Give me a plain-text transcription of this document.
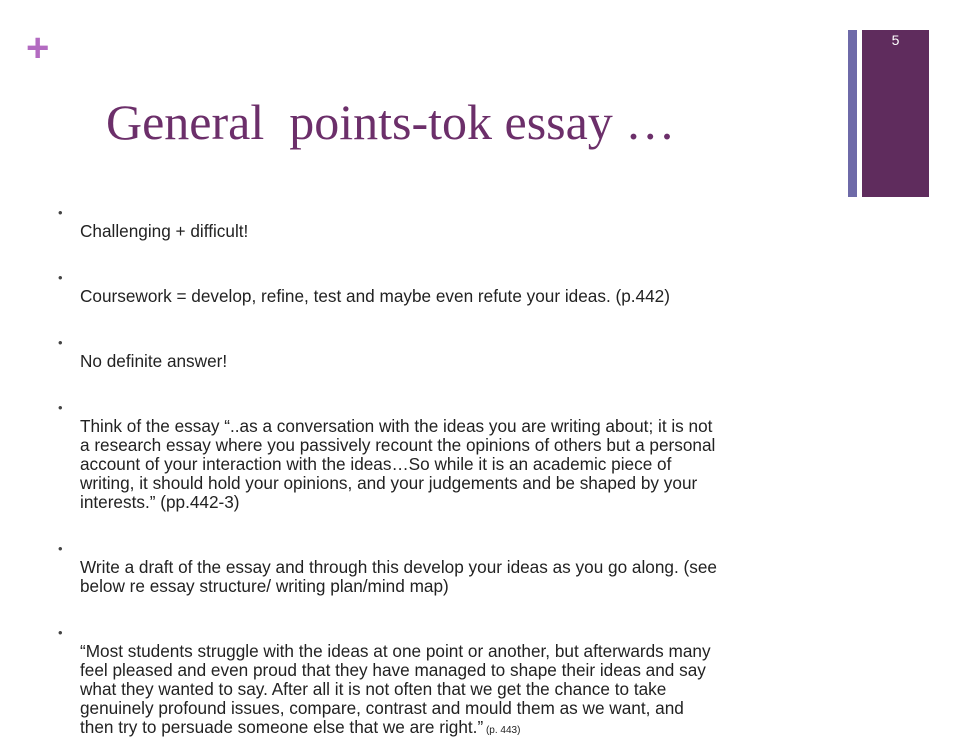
+	5
General  points-tok essay …

•
Challenging + difficult!

•
Coursework = develop, refine, test and maybe even refute your ideas. (p.442)

•
No definite answer!

•
Think of the essay “..as a conversation with the ideas you are writing about; it is not
a research essay where you passively recount the opinions of others but a personal
account of your interaction with the ideas…So while it is an academic piece of
writing, it should hold your opinions, and your judgements and be shaped by your
interests.” (pp.442-3)

•
Write a draft of the essay and through this develop your ideas as you go along. (see
below re essay structure/ writing plan/mind map)

•
“Most students struggle with the ideas at one point or another, but afterwards many
feel pleased and even proud that they have managed to shape their ideas and say
what they wanted to say. After all it is not often that we get the chance to take
genuinely profound issues, compare, contrast and mould them as we want, and
then try to persuade someone else that we are right.” (p. 443)
